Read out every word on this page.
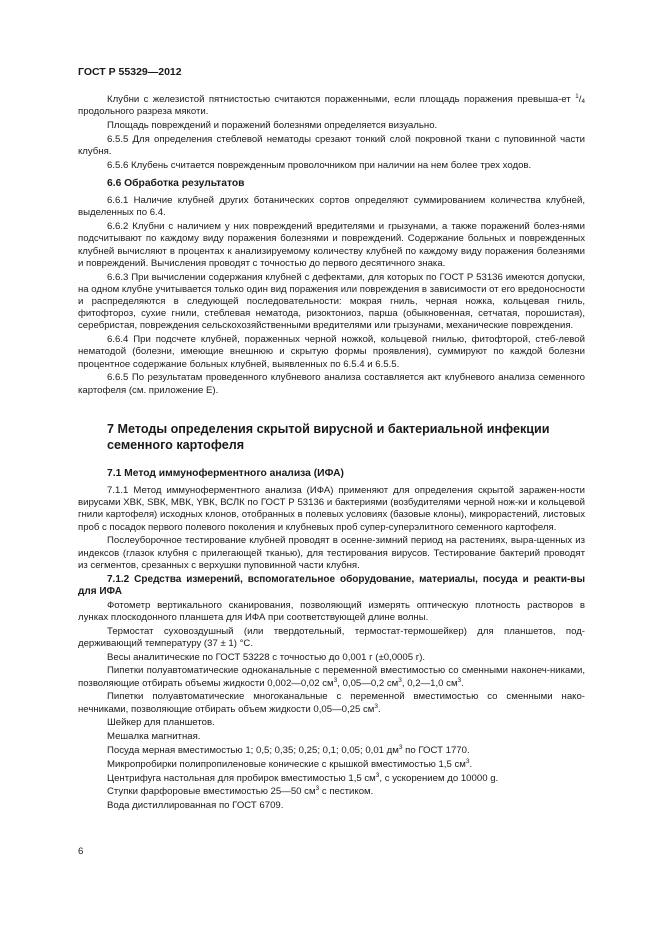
ГОСТ Р 55329—2012
Клубни с железистой пятнистостью считаются пораженными, если площадь поражения превыша-ет $^1/_4$ продольного разреза мякоти.
Площадь повреждений и поражений болезнями определяется визуально.
6.5.5 Для определения стеблевой нематоды срезают тонкий слой покровной ткани с пуповинной части клубня.
6.5.6 Клубень считается поврежденным проволочником при наличии на нем более трех ходов.
6.6 Обработка результатов
6.6.1 Наличие клубней других ботанических сортов определяют суммированием количества клубней, выделенных по 6.4.
6.6.2 Клубни с наличием у них повреждений вредителями и грызунами, а также поражений болез-нями подсчитывают по каждому виду поражения болезнями и повреждений. Содержание больных и поврежденных клубней вычисляют в процентах к анализируемому количеству клубней по каждому виду поражения болезнями и повреждений. Вычисления проводят с точностью до первого десятичного знака.
6.6.3 При вычислении содержания клубней с дефектами, для которых по ГОСТ Р 53136 имеются допуски, на одном клубне учитывается только один вид поражения или повреждения в зависимости от его вредоносности и распределяются в следующей последовательности: мокрая гниль, черная ножка, кольцевая гниль, фитофтороз, сухие гнили, стеблевая нематода, ризоктониоз, парша (обыкновенная, сетчатая, порошистая), серебристая, повреждения сельскохозяйственными вредителями или грызунами, механические повреждения.
6.6.4 При подсчете клубней, пораженных черной ножкой, кольцевой гнилью, фитофторой, стеб-левой нематодой (болезни, имеющие внешнюю и скрытую формы проявления), суммируют по каждой болезни процентное содержание больных клубней, выявленных по 6.5.4 и 6.5.5.
6.6.5 По результатам проведенного клубневого анализа составляется акт клубневого анализа семенного картофеля (см. приложение Е).
7 Методы определения скрытой вирусной и бактериальной инфекции семенного картофеля
7.1 Метод иммуноферментного анализа (ИФА)
7.1.1 Метод иммуноферментного анализа (ИФА) применяют для определения скрытой заражен-ности вирусами ХВК, SВК, МВК, YВК, ВСЛК по ГОСТ Р 53136 и бактериями (возбудителями черной нож-ки и кольцевой гнили картофеля) исходных клонов, отобранных в полевых условиях (базовые клоны), микрорастений, листовых проб с посадок первого полевого поколения и клубневых проб супер-суперэлитного семенного картофеля.
Послеуборочное тестирование клубней проводят в осенне-зимний период на растениях, выра-щенных из индексов (глазок клубня с прилегающей тканью), для тестирования вирусов. Тестирование бактерий проводят из сегментов, срезанных с верхушки пуповинной части клубня.
7.1.2 Средства измерений, вспомогательное оборудование, материалы, посуда и реакти-вы для ИФА
Фотометр вертикального сканирования, позволяющий измерять оптическую плотность растворов в лунках плоскодонного планшета для ИФА при соответствующей длине волны.
Термостат суховоздушный (или твердотельный, термостат-термошейкер) для планшетов, под-держивающий температуру (37 ± 1) °С.
Весы аналитические по ГОСТ 53228 с точностью до 0,001 г (±0,0005 г).
Пипетки полуавтоматические одноканальные с переменной вместимостью со сменными наконеч-никами, позволяющие отбирать объемы жидкости 0,002—0,02 $см^3$, 0,05—0,2 $см^3$, 0,2—1,0 $см^3$.
Пипетки полуавтоматические многоканальные с переменной вместимостью со сменными нако-нечниками, позволяющие отбирать объем жидкости 0,05—0,25 $см^3$.
Шейкер для планшетов.
Мешалка магнитная.
Посуда мерная вместимостью 1; 0,5; 0,35; 0,25; 0,1; 0,05; 0,01 $дм^3$ по ГОСТ 1770.
Микропробирки полипропиленовые конические с крышкой вместимостью 1,5 $см^3$.
Центрифуга настольная для пробирок вместимостью 1,5 $см^3$, с ускорением до 10000 g.
Ступки фарфоровые вместимостью 25—50 $см^3$ с пестиком.
Вода дистиллированная по ГОСТ 6709.
6
